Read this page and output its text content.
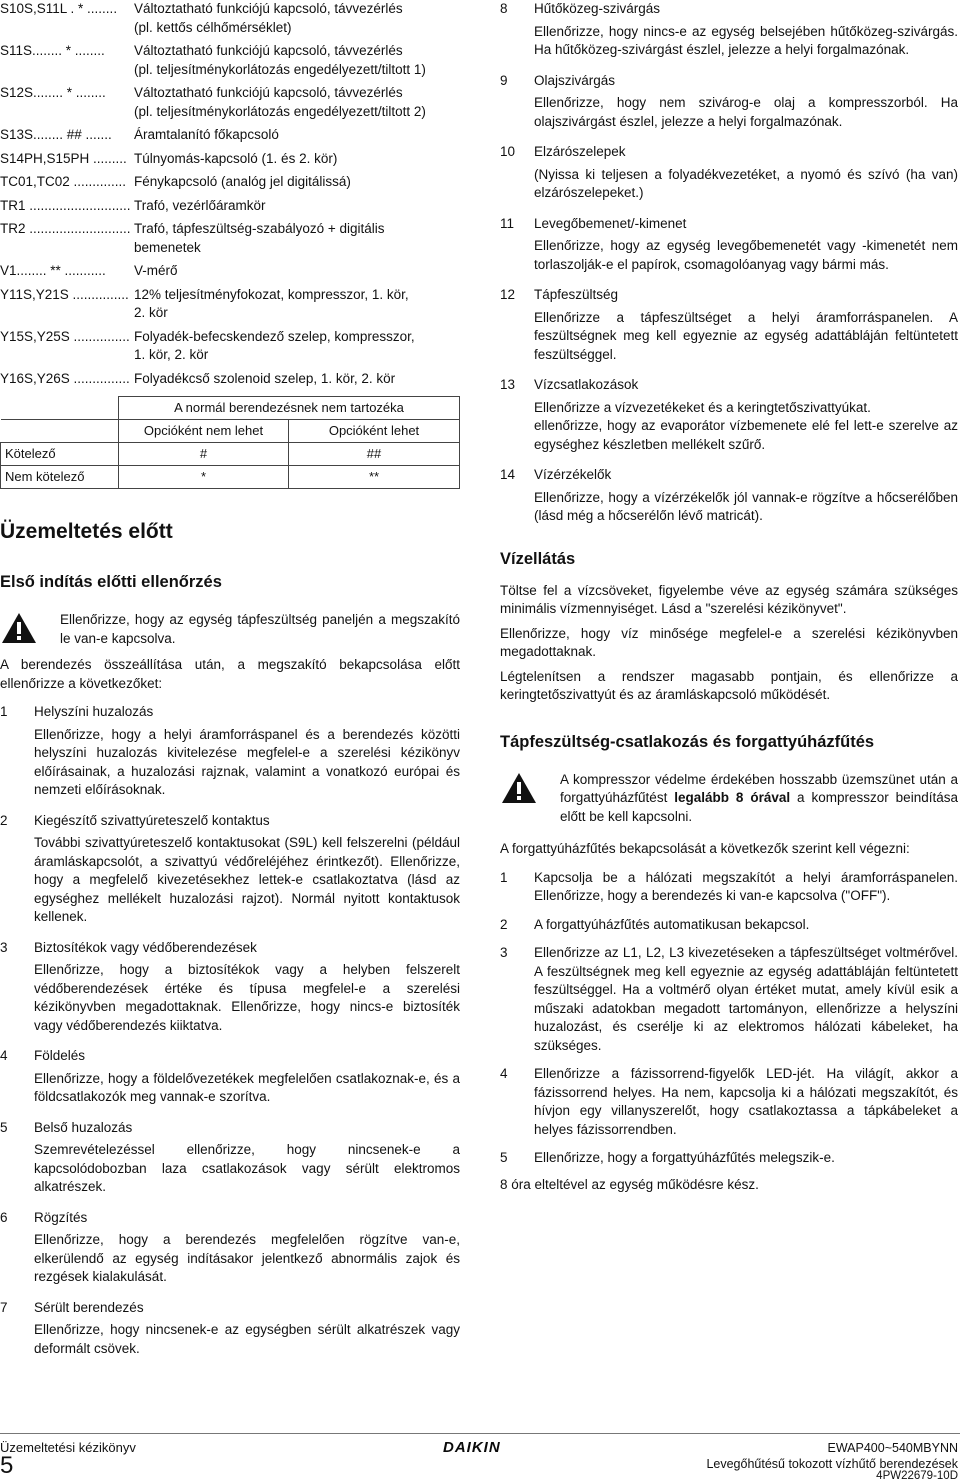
S10S,S11L . * ........	Változtatható funkciójú kapcsoló, távvezérlés
(pl. kettős célhőmérséklet)
S11S........ * ........	Változtatható funkciójú kapcsoló, távvezérlés
(pl. teljesítménykorlátozás engedélyezett/tiltott 1)
S12S........ * ........	Változtatható funkciójú kapcsoló, távvezérlés
(pl. teljesítménykorlátozás engedélyezett/tiltott 2)
S13S........ ## .......	Áramtalanító főkapcsoló
S14PH,S15PH ......... Túlnyomás-kapcsoló (1. és 2. kör)
TC01,TC02 .............. Fénykapcsoló (analóg jel digitálissá)
TR1 ........................... Trafó, vezérlőáramkör
TR2 ........................... Trafó, tápfeszültség-szabályozó + digitális
bemenetek
V1........ ** ...........	V-mérő
Y11S,Y21S ............... 12% teljesítményfokozat, kompresszor, 1. kör,
2. kör
Y15S,Y25S ............... Folyadék-befecskendező szelep, kompresszor,
1. kör, 2. kör
Y16S,Y26S ............... Folyadékcső szolenoid szelep, 1. kör, 2. kör
	A normál berendezésnek nem tartozéka	
	Opcióként nem lehet	Opcióként lehet
Kötelező	#	##
Nem kötelező	*	**
Üzemeltetés előtt
Első indítás előtti ellenőrzés
Ellenőrizze, hogy az egység tápfeszültség paneljén a megszakító le van-e kapcsolva.

A berendezés összeállítása után, a megszakító bekapcsolása előtt ellenőrizze a következőket:

1	Helyszíni huzalozás

Ellenőrizze, hogy a helyi áramforráspanel és a berendezés közötti helyszíni huzalozás kivitelezése megfelel-e a szerelési kézikönyv előírásainak, a huzalozási rajznak, valamint a vonatkozó európai és nemzeti előírásoknak.

2	Kiegészítő szivattyúreteszelő kontaktus

További szivattyúreteszelő kontaktusokat (S9L) kell felszerelni (például áramláskapcsolót, a szivattyú védőreléjéhez érintkezőt). Ellenőrizze, hogy a megfelelő kivezetésekhez lettek-e csatlakoztatva (lásd az egységhez mellékelt huzalozási rajzot). Normál nyitott kontaktusok kellenek.

3	Biztosítékok vagy védőberendezések

Ellenőrizze, hogy a biztosítékok vagy a helyben felszerelt védőberendezések értéke és típusa megfelel-e a szerelési kézikönyvben megadottaknak. Ellenőrizze, hogy nincs-e biztosíték vagy védőberendezés kiiktatva.

4	Földelés

Ellenőrizze, hogy a földelővezetékek megfelelően csatlakoznak-e, és a földcsatlakozók meg vannak-e szorítva.

5	Belső huzalozás

Szemrevételezéssel ellenőrizze, hogy nincsenek-e a kapcsolódobozban laza csatlakozások vagy sérült elektromos alkatrészek.

6	Rögzítés

Ellenőrizze, hogy a berendezés megfelelően rögzítve van-e, elkerülendő az egység indításakor jelentkező abnormális zajok és rezgések kialakulását.

7	Sérült berendezés

Ellenőrizze, hogy nincsenek-e az egységben sérült alkatrészek vagy deformált csövek.

8	Hűtőközeg-szivárgás

Ellenőrizze, hogy nincs-e az egység belsejében hűtőközeg-szivárgás. Ha hűtőközeg-szivárgást észlel, jelezze a helyi forgalmazónak.

9	Olajszivárgás

Ellenőrizze, hogy nem szivárog-e olaj a kompresszorból. Ha olajszivárgást észlel, jelezze a helyi forgalmazónak.

10	Elzárószelepek

(Nyissa ki teljesen a folyadékvezetéket, a nyomó és szívó (ha van) elzárószelepeket.)

11	Levegőbemenet/-kimenet

Ellenőrizze, hogy az egység levegőbemenetét vagy -kimenetét nem torlaszolják-e el papírok, csomagolóanyag vagy bármi más.

12	Tápfeszültség

Ellenőrizze a tápfeszültséget a helyi áramforráspanelen. A feszültségnek meg kell egyeznie az egység adattábláján feltüntetett feszültséggel.

13	Vízcsatlakozások

Ellenőrizze a vízvezetékeket és a keringtetőszivattyúkat.

ellenőrizze, hogy az evaporátor vízbemenete elé fel lett-e szerelve az egységhez készletben mellékelt szűrő.

14	Vízérzékelők

Ellenőrizze, hogy a vízérzékelők jól vannak-e rögzítve a hőcserélőben (lásd még a hőcserélőn lévő matricát).

Vízellátás

Töltse fel a vízcsöveket, figyelembe véve az egység számára szükséges minimális vízmennyiséget. Lásd a "szerelési kézikönyvet".

Ellenőrizze, hogy víz minősége megfelel-e a szerelési kézikönyvben megadottaknak.

Légtelenítsen a rendszer magasabb pontjain, és ellenőrizze a keringtetőszivattyút és az áramláskapcsoló működését.

Tápfeszültség-csatlakozás és forgattyúházfűtés
A kompresszor védelme érdekében hosszabb üzemszünet után a forgattyúházfűtést legalább 8 órával a kompresszor beindítása előtt be kell kapcsolni.

A forgattyúházfűtés bekapcsolását a következők szerint kell végezni:

1	Kapcsolja be a hálózati megszakítót a helyi áramforráspanelen. Ellenőrizze, hogy a berendezés ki van-e kapcsolva ("OFF").

2	A forgattyúházfűtés automatikusan bekapcsol.

3	Ellenőrizze az L1, L2, L3 kivezetéseken a tápfeszültséget voltmérővel. A feszültségnek meg kell egyeznie az egység adattábláján feltüntetett feszültséggel. Ha a voltmérő olyan értéket mutat, amely kívül esik a műszaki adatokban megadott tartományon, ellenőrizze a helyszíni huzalozást, és cserélje ki az elektromos hálózati kábeleket, ha szükséges.

4	Ellenőrizze a fázissorrend-figyelők LED-jét. Ha világít, akkor a fázissorrend helyes. Ha nem, kapcsolja ki a hálózati megszakítót, és hívjon egy villanyszerelőt, hogy csatlakoztassa a tápkábeleket a helyes fázissorrendben.

5	Ellenőrizze, hogy a forgattyúházfűtés melegszik-e.

8 óra elteltével az egység működésre kész.

Üzemeltetési kézikönyv
5
DAIKIN	EWAP400~540MBYNN
Levegőhűtésű tokozott vízhűtő berendezések
4PW22679-10D
